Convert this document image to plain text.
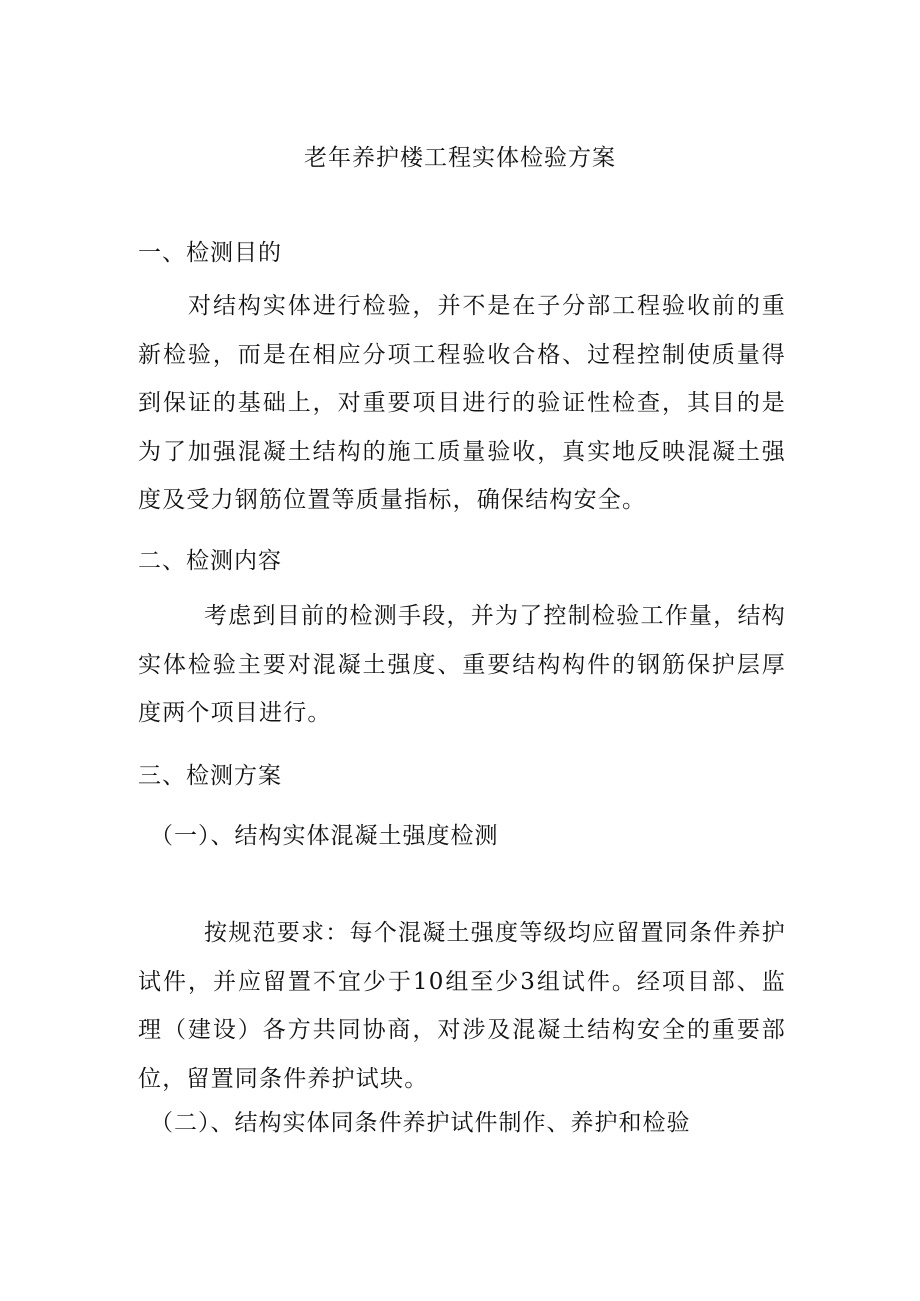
老年养护楼工程实体检验方案
一、检测目的
对结构实体进行检验，并不是在子分部工程验收前的重新检验，而是在相应分项工程验收合格、过程控制使质量得到保证的基础上，对重要项目进行的验证性检查，其目的是为了加强混凝土结构的施工质量验收，真实地反映混凝土强度及受力钢筋位置等质量指标，确保结构安全。
二、检测内容
考虑到目前的检测手段，并为了控制检验工作量，结构实体检验主要对混凝土强度、重要结构构件的钢筋保护层厚度两个项目进行。
三、检测方案
（一）、结构实体混凝土强度检测
按规范要求：每个混凝土强度等级均应留置同条件养护试件，并应留置不宜少于10组至少3组试件。经项目部、监理（建设）各方共同协商，对涉及混凝土结构安全的重要部位，留置同条件养护试块。
（二）、结构实体同条件养护试件制作、养护和检验
